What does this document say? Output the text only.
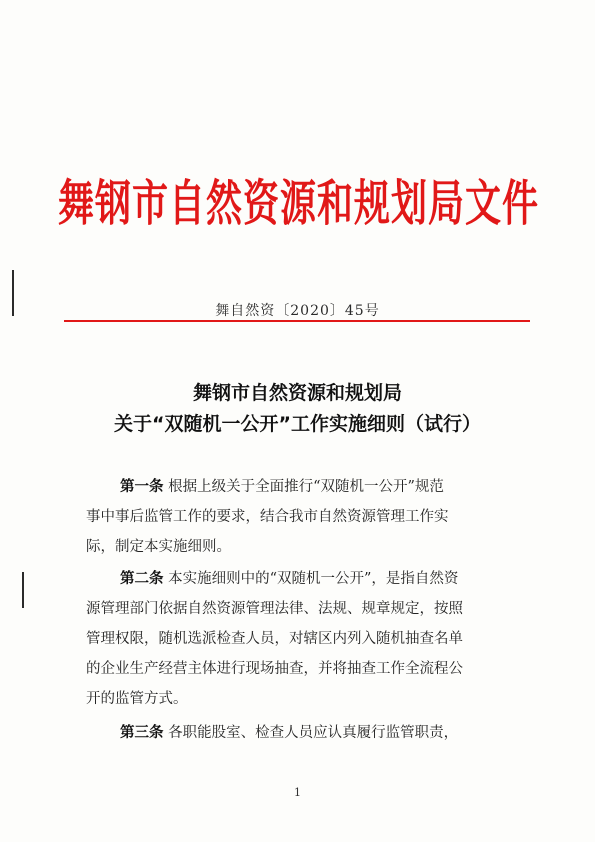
舞钢市自然资源和规划局文件
舞自然资〔2020〕45号
舞钢市自然资源和规划局
关于“双随机一公开”工作实施细则（试行）
第一条 根据上级关于全面推行“双随机一公开”规范
事中事后监管工作的要求，结合我市自然资源管理工作实
际，制定本实施细则。
第二条 本实施细则中的“双随机一公开”，是指自然资
源管理部门依据自然资源管理法律、法规、规章规定，按照
管理权限，随机选派检查人员，对辖区内列入随机抽查名单
的企业生产经营主体进行现场抽查，并将抽查工作全流程公
开的监管方式。
第三条 各职能股室、检查人员应认真履行监管职责，
1
